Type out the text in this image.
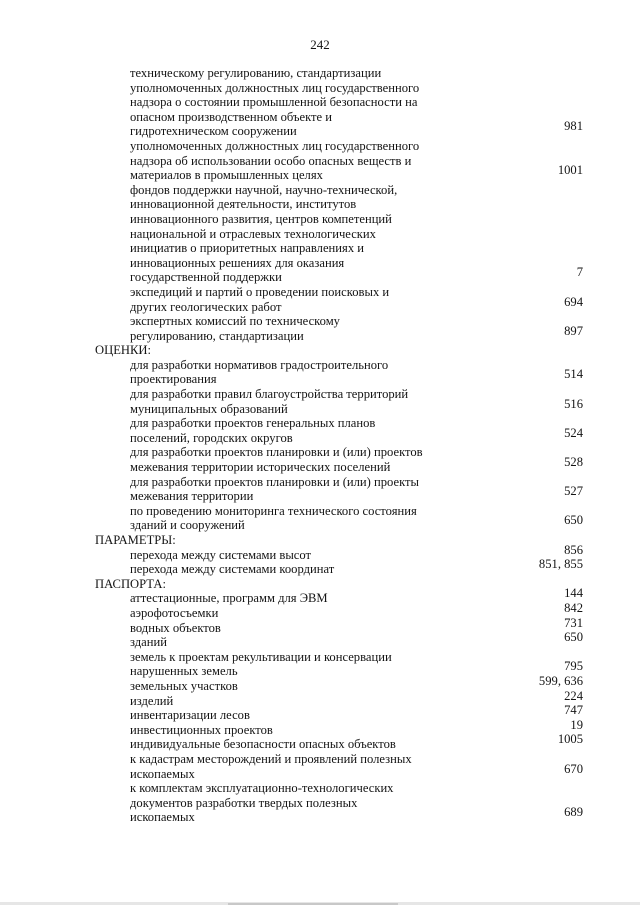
242
техническому регулированию, стандартизации
уполномоченных должностных лиц государственного
надзора о состоянии промышленной безопасности на
опасном производственном объекте и
гидротехническом сооружении	981
уполномоченных должностных лиц государственного
надзора об использовании особо опасных веществ и
материалов в промышленных целях	1001
фондов поддержки научной, научно-технической,
инновационной деятельности, институтов
инновационного развития, центров компетенций
национальной и отраслевых технологических
инициатив о приоритетных направлениях и
инновационных решениях для оказания
государственной поддержки	7
экспедиций и партий о проведении поисковых и
других геологических работ	694
экспертных комиссий по техническому
регулированию, стандартизации	897
ОЦЕНКИ:
для разработки нормативов градостроительного
проектирования	514
для разработки правил благоустройства территорий
муниципальных образований	516
для разработки проектов генеральных планов
поселений, городских округов	524
для разработки проектов планировки и (или) проектов
межевания территории исторических поселений	528
для разработки проектов планировки и (или) проекты
межевания территории	527
по проведению мониторинга технического состояния
зданий и сооружений	650
ПАРАМЕТРЫ:
перехода между системами высот	856
перехода между системами координат	851, 855
ПАСПОРТА:
аттестационные, программ для ЭВМ	144
аэрофотосъемки	842
водных объектов	731
зданий	650
земель к проектам рекультивации и консервации
нарушенных земель	795
земельных участков	599, 636
изделий	224
инвентаризации лесов	747
инвестиционных проектов	19
индивидуальные безопасности опасных объектов	1005
к кадастрам месторождений и проявлений полезных
ископаемых	670
к комплектам эксплуатационно-технологических
документов разработки твердых полезных
ископаемых	689
